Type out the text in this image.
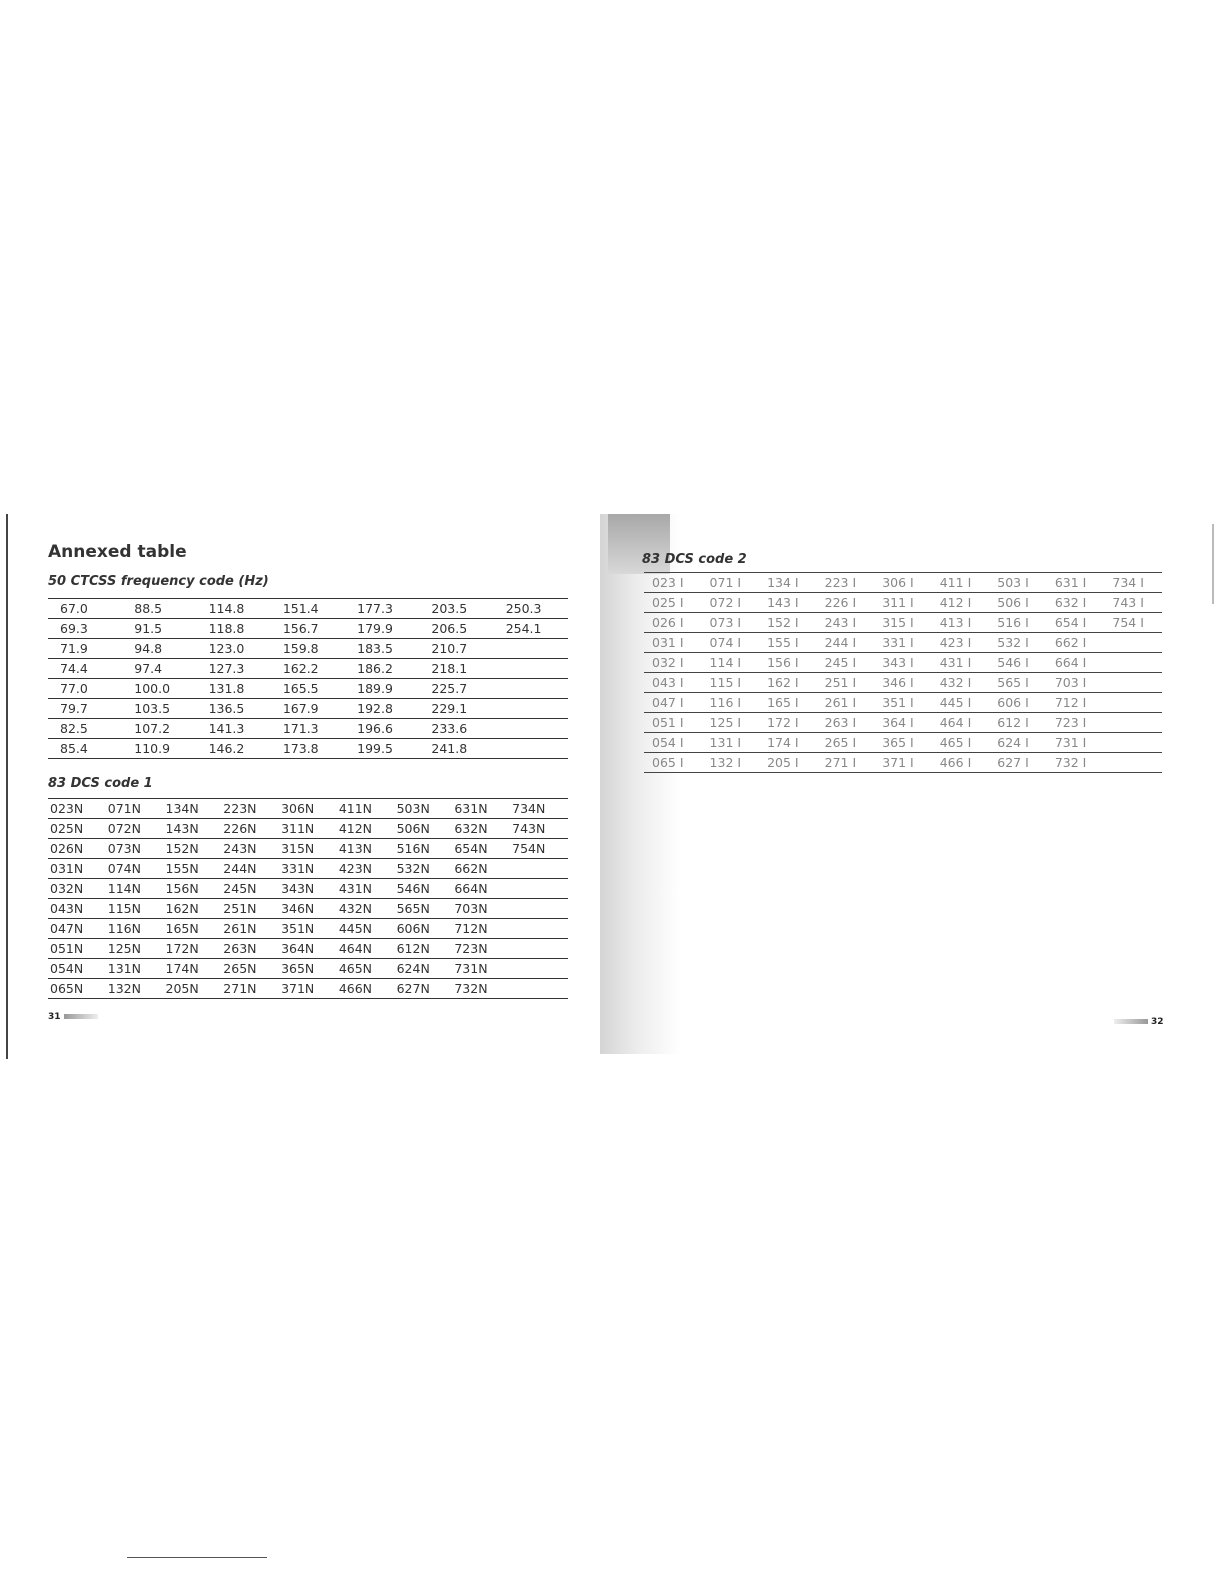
Annexed table
50 CTCSS frequency code (Hz)
67.0	88.5	114.8	151.4	177.3	203.5	250.3
69.3	91.5	118.8	156.7	179.9	206.5	254.1
71.9	94.8	123.0	159.8	183.5	210.7	
74.4	97.4	127.3	162.2	186.2	218.1	
77.0	100.0	131.8	165.5	189.9	225.7	
79.7	103.5	136.5	167.9	192.8	229.1	
82.5	107.2	141.3	171.3	196.6	233.6	
85.4	110.9	146.2	173.8	199.5	241.8	
83 DCS code 1
023N	071N	134N	223N	306N	411N	503N	631N	734N
025N	072N	143N	226N	311N	412N	506N	632N	743N
026N	073N	152N	243N	315N	413N	516N	654N	754N
031N	074N	155N	244N	331N	423N	532N	662N	
032N	114N	156N	245N	343N	431N	546N	664N	
043N	115N	162N	251N	346N	432N	565N	703N	
047N	116N	165N	261N	351N	445N	606N	712N	
051N	125N	172N	263N	364N	464N	612N	723N	
054N	131N	174N	265N	365N	465N	624N	731N	
065N	132N	205N	271N	371N	466N	627N	732N	
31
83 DCS code 2
023 I	071 I	134 I	223 I	306 I	411 I	503 I	631 I	734 I
025 I	072 I	143 I	226 I	311 I	412 I	506 I	632 I	743 I
026 I	073 I	152 I	243 I	315 I	413 I	516 I	654 I	754 I
031 I	074 I	155 I	244 I	331 I	423 I	532 I	662 I	
032 I	114 I	156 I	245 I	343 I	431 I	546 I	664 I	
043 I	115 I	162 I	251 I	346 I	432 I	565 I	703 I	
047 I	116 I	165 I	261 I	351 I	445 I	606 I	712 I	
051 I	125 I	172 I	263 I	364 I	464 I	612 I	723 I	
054 I	131 I	174 I	265 I	365 I	465 I	624 I	731 I	
065 I	132 I	205 I	271 I	371 I	466 I	627 I	732 I	
32
